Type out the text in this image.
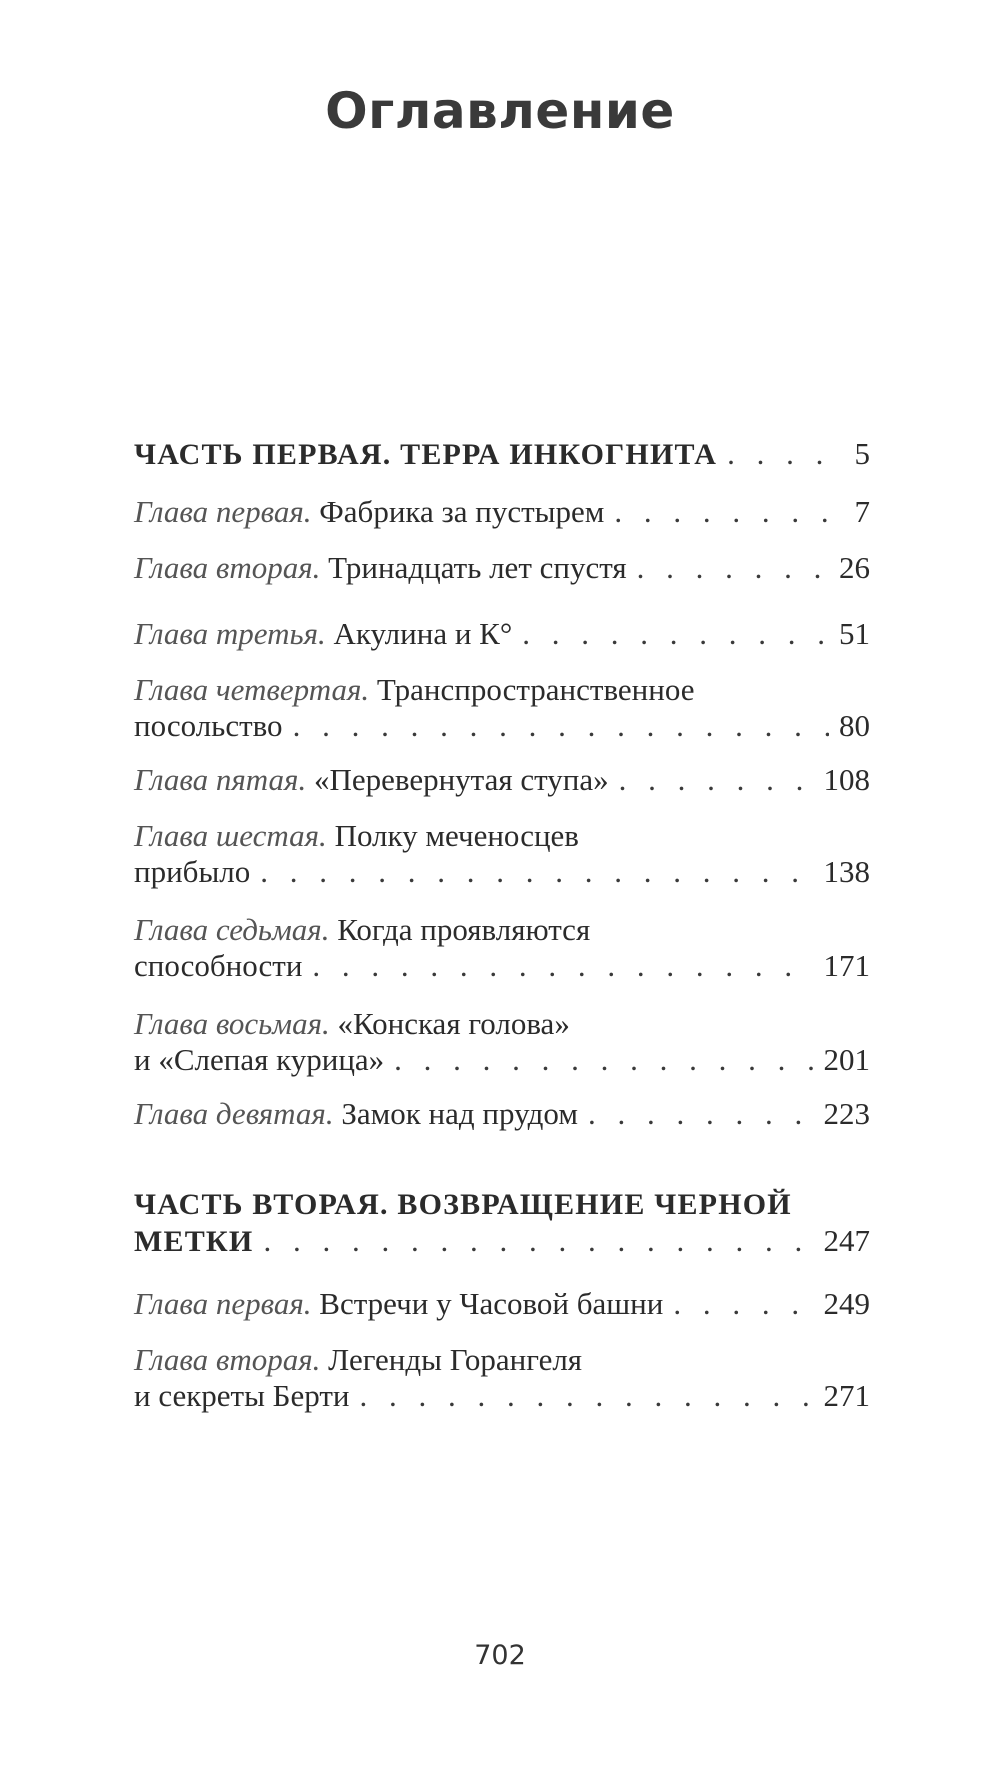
Оглавление
ЧАСТЬ ПЕРВАЯ. ТЕРРА ИНКОГНИТА . . .	5
Глава первая. Фабрика за пустырем . . .	7
Глава вторая. Тринадцать лет спустя . . .	26
Глава третья. Акулина и К° . . .	51
Глава четвертая. Транспространственное
посольство . . .	80
Глава пятая. «Перевернутая ступа» . . .	108
Глава шестая. Полку меченосцев
прибыло . . .	138
Глава седьмая. Когда проявляются
способности . . .	171
Глава восьмая. «Конская голова»
и «Слепая курица» . . .	201
Глава девятая. Замок над прудом . . .	223
ЧАСТЬ ВТОРАЯ. ВОЗВРАЩЕНИЕ ЧЕРНОЙ
МЕТКИ . . .	247
Глава первая. Встречи у Часовой башни . . .	249
Глава вторая. Легенды Горангеля
и секреты Берти . . .	271
702
